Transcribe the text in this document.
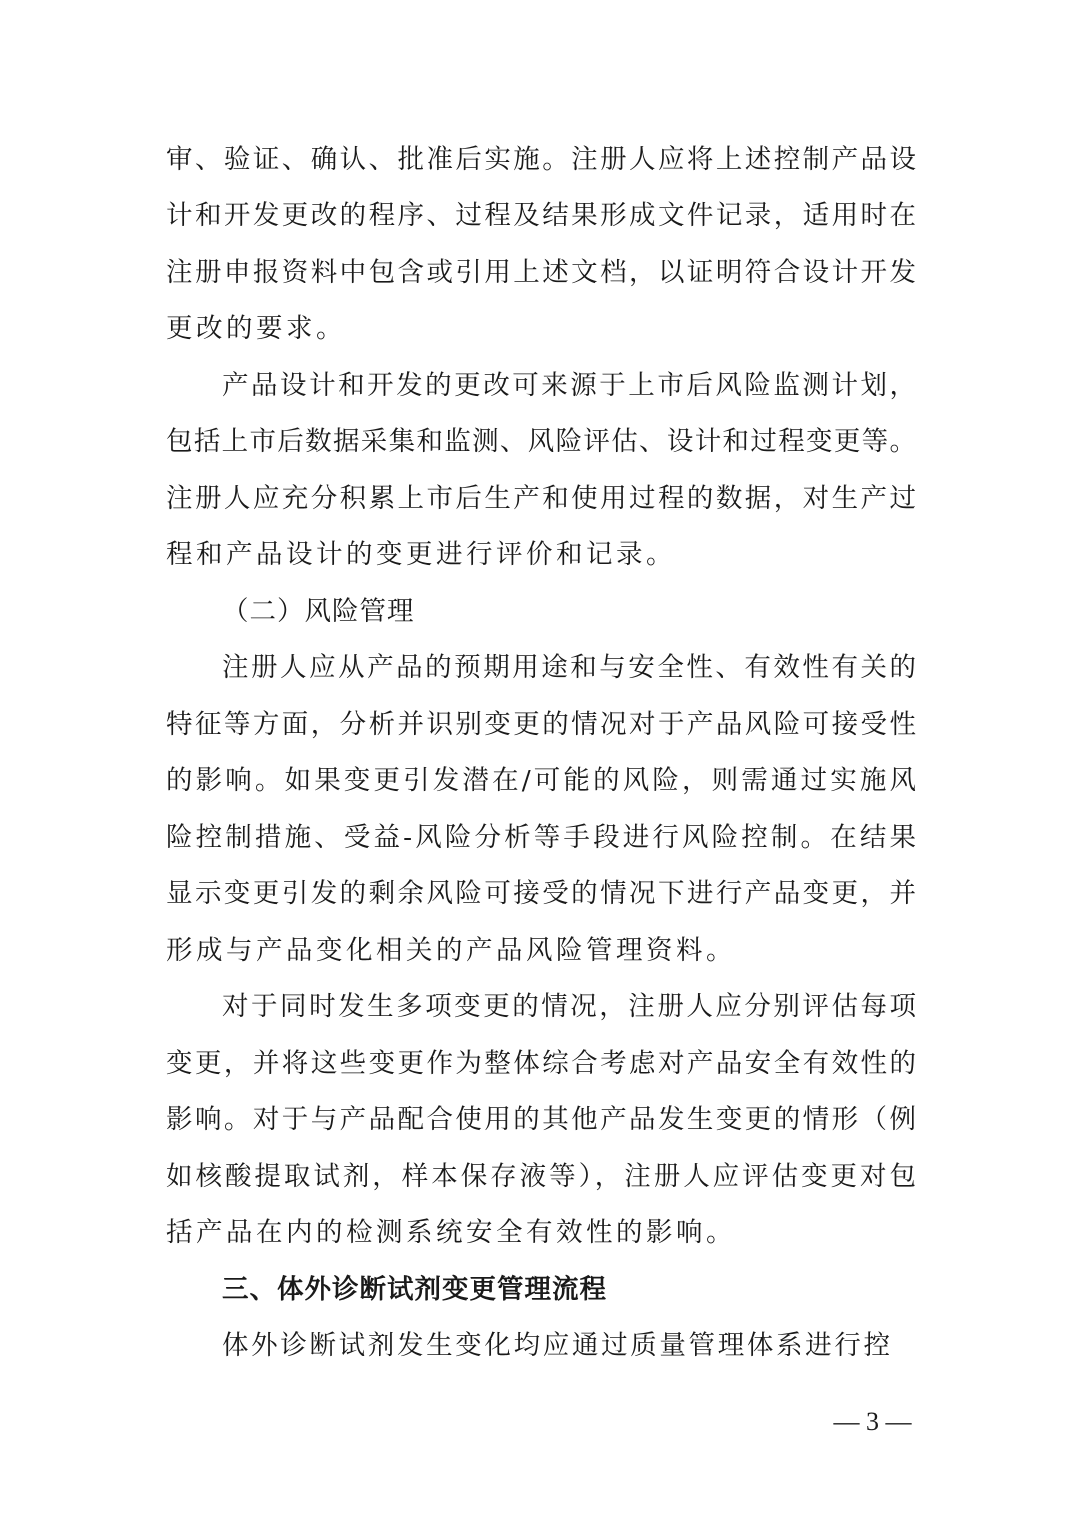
审、验证、确认、批准后实施。注册人应将上述控制产品设
计和开发更改的程序、过程及结果形成文件记录，适用时在
注册申报资料中包含或引用上述文档，以证明符合设计开发
更改的要求。
产品设计和开发的更改可来源于上市后风险监测计划，
包括上市后数据采集和监测、风险评估、设计和过程变更等。
注册人应充分积累上市后生产和使用过程的数据，对生产过
程和产品设计的变更进行评价和记录。
（二）风险管理
注册人应从产品的预期用途和与安全性、有效性有关的
特征等方面，分析并识别变更的情况对于产品风险可接受性
的影响。如果变更引发潜在/可能的风险，则需通过实施风
险控制措施、受益-风险分析等手段进行风险控制。在结果
显示变更引发的剩余风险可接受的情况下进行产品变更，并
形成与产品变化相关的产品风险管理资料。
对于同时发生多项变更的情况，注册人应分别评估每项
变更，并将这些变更作为整体综合考虑对产品安全有效性的
影响。对于与产品配合使用的其他产品发生变更的情形（例
如核酸提取试剂，样本保存液等），注册人应评估变更对包
括产品在内的检测系统安全有效性的影响。
三、体外诊断试剂变更管理流程
体外诊断试剂发生变化均应通过质量管理体系进行控
— 3 —
